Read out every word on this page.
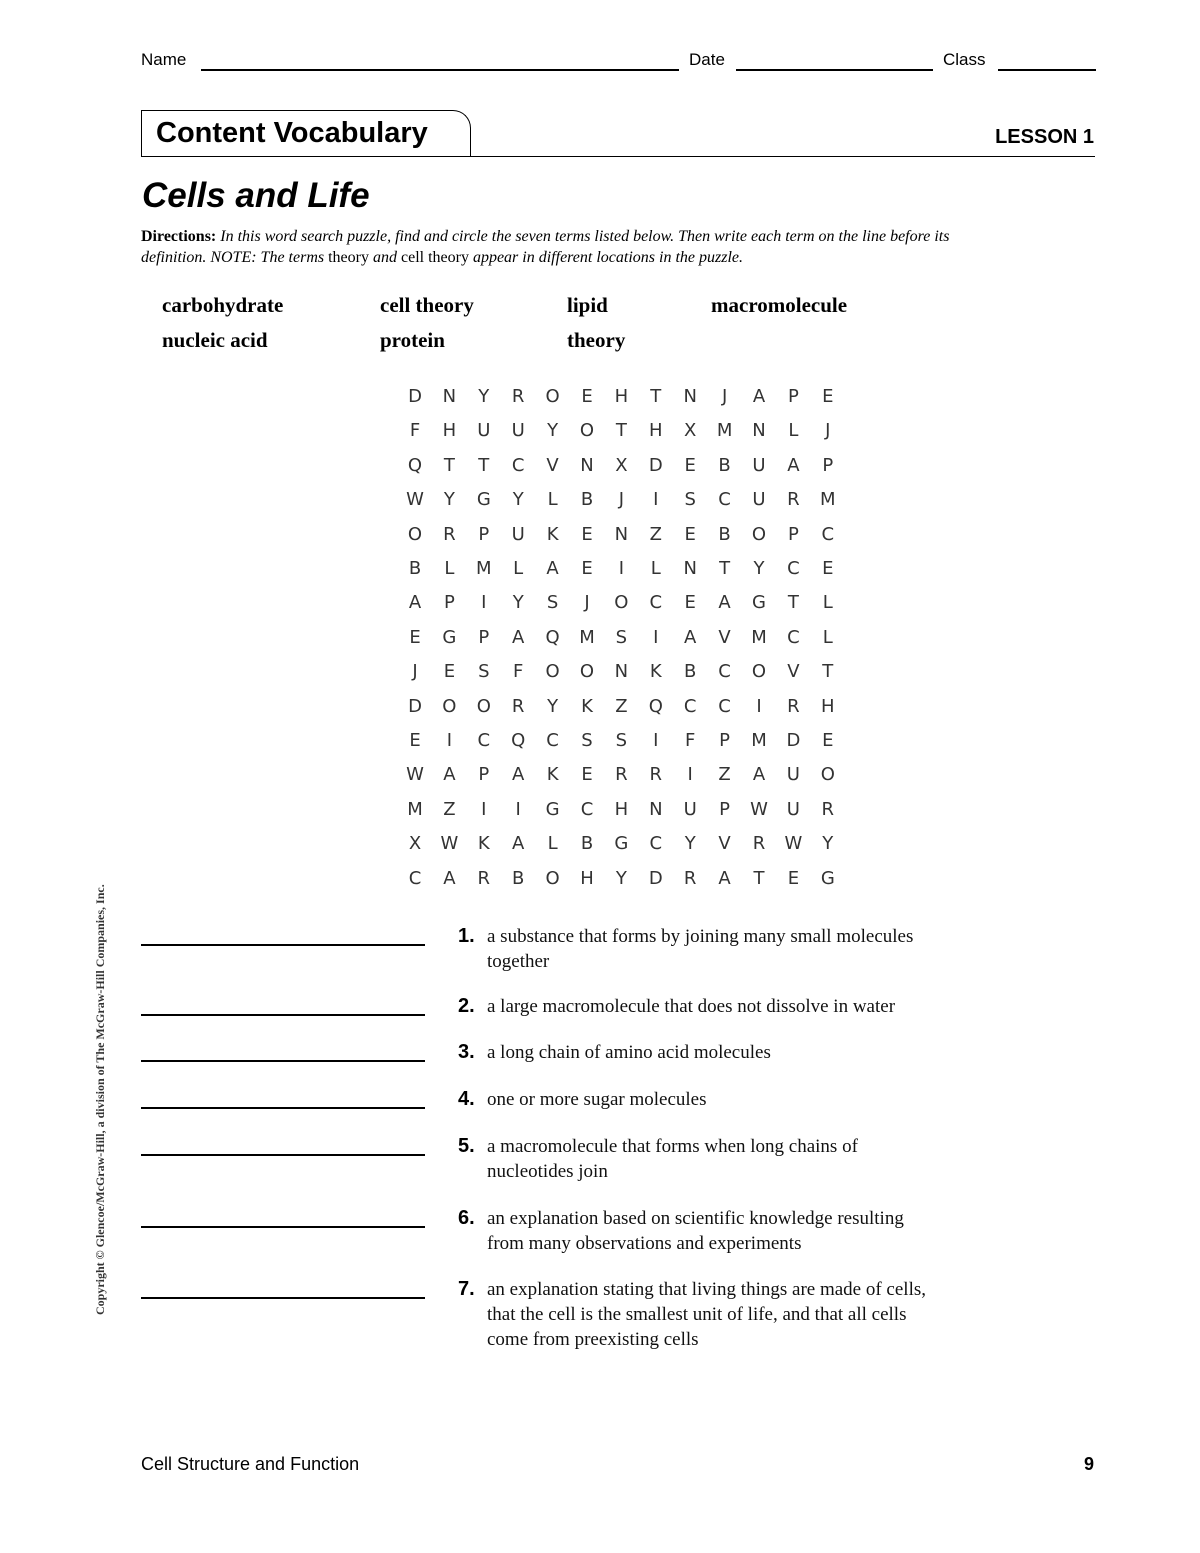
Name	Date	Class
Content Vocabulary	LESSON 1
Cells and Life
Directions: In this word search puzzle, find and circle the seven terms listed below. Then write each term on the line before its definition. NOTE: The terms theory and cell theory appear in different locations in the puzzle.
carbohydrate	cell theory	lipid	macromolecule
nucleic acid	protein	theory
D	N	Y	R	O	E	H	T	N	J	A	P	E
F	H	U	U	Y	O	T	H	X	M	N	L	J
Q	T	T	C	V	N	X	D	E	B	U	A	P
W	Y	G	Y	L	B	J	I	S	C	U	R	M
O	R	P	U	K	E	N	Z	E	B	O	P	C
B	L	M	L	A	E	I	L	N	T	Y	C	E
A	P	I	Y	S	J	O	C	E	A	G	T	L
E	G	P	A	Q	M	S	I	A	V	M	C	L
J	E	S	F	O	O	N	K	B	C	O	V	T
D	O	O	R	Y	K	Z	Q	C	C	I	R	H
E	I	C	Q	C	S	S	I	F	P	M	D	E
W	A	P	A	K	E	R	R	I	Z	A	U	O
M	Z	I	I	G	C	H	N	U	P	W	U	R
X	W	K	A	L	B	G	C	Y	V	R	W	Y
C	A	R	B	O	H	Y	D	R	A	T	E	G
1. a substance that forms by joining many small molecules
together
2. a large macromolecule that does not dissolve in water
3. a long chain of amino acid molecules
4. one or more sugar molecules
5. a macromolecule that forms when long chains of
nucleotides join
6. an explanation based on scientific knowledge resulting
from many observations and experiments
7. an explanation stating that living things are made of cells,
that the cell is the smallest unit of life, and that all cells
come from preexisting cells
Copyright © Glencoe/McGraw-Hill, a division of The McGraw-Hill Companies, Inc.
Cell Structure and Function	9
